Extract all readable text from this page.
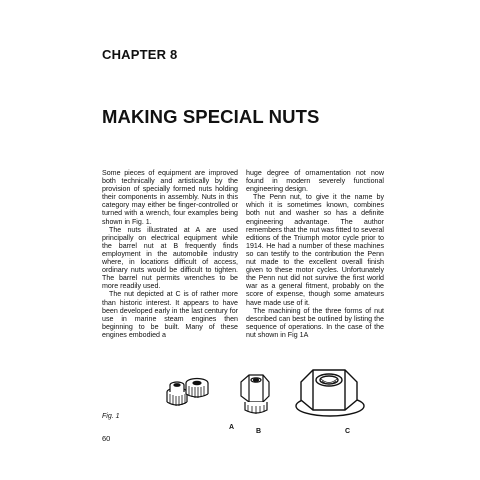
CHAPTER 8
MAKING SPECIAL NUTS

Some pieces of equipment are improved both technically and artistically by the provision of specially formed nuts holding their components in assembly. Nuts in this category may either be finger-controlled or turned with a wrench, four examples being shown in Fig. 1.

The nuts illustrated at A are used principally on electrical equipment while the barrel nut at B frequently finds employment in the automobile industry where, in locations difficult of access, ordinary nuts would be difficult to tighten. The barrel nut permits wrenches to be more readily used.

The nut depicted at C is of rather more than historic interest. It appears to have been developed early in the last century for use in marine steam engines then beginning to be built. Many of these engines embodied a

huge degree of ornamentation not now found in modern severely functional engineering design.

The Penn nut, to give it the name by which it is sometimes known, combines both nut and washer so has a definite engineering advantage. The author remembers that the nut was fitted to several editions of the Triumph motor cycle prior to 1914. He had a number of these machines so can testify to the contribution the Penn nut made to the excellent overall finish given to these motor cycles. Unfortunately the Penn nut did not survive the first world war as a general fitment, probably on the score of expense, though some amateurs have made use of it.

The machining of the three forms of nut described can best be outlined by listing the sequence of operations. In the case of the nut shown in Fig 1A

A
B	C
Fig. 1
60
